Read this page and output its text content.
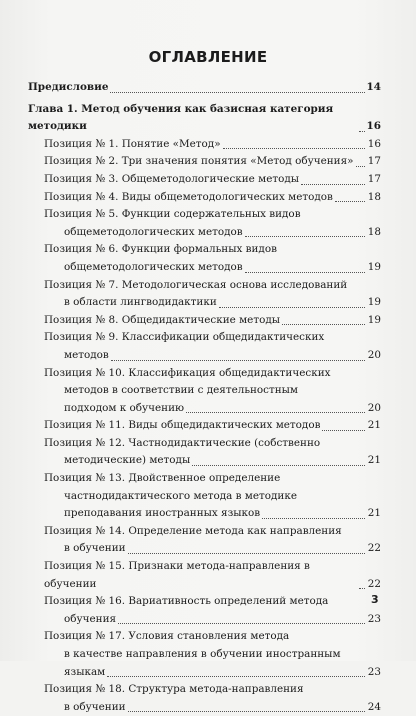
ОГЛАВЛЕНИЕ
Предисловие	14
Глава 1. Метод обучения как базисная категория методики	16
Позиция № 1. Понятие «Метод»	16
Позиция № 2. Три значения понятия «Метод обучения» 17
Позиция № 3. Общеметодологические методы	17
Позиция № 4. Виды общеметодологических методов	18
Позиция № 5. Функции содержательных видов
общеметодологических методов	18
Позиция № 6. Функции формальных видов
общеметодологических методов	19
Позиция № 7. Методологическая основа исследований
в области лингводидактики	19
Позиция № 8. Общедидактические методы	19
Позиция № 9. Классификации общедидактических
методов	20
Позиция № 10. Классификация общедидактических
методов в соответствии с деятельностным
подходом к обучению	20
Позиция № 11. Виды общедидактических методов	21
Позиция № 12. Частнодидактические (собственно
методические) методы	21
Позиция № 13. Двойственное определение
частнодидактического метода в методике
преподавания иностранных языков	21
Позиция № 14. Определение метода как направления
в обучении	22
Позиция № 15. Признаки метода-направления в обучении	22
Позиция № 16. Вариативность определений метода
обучения	23
Позиция № 17. Условия становления метода
в качестве направления в обучении иностранным
языкам	23
Позиция № 18. Структура метода-направления
в обучении	24
3
